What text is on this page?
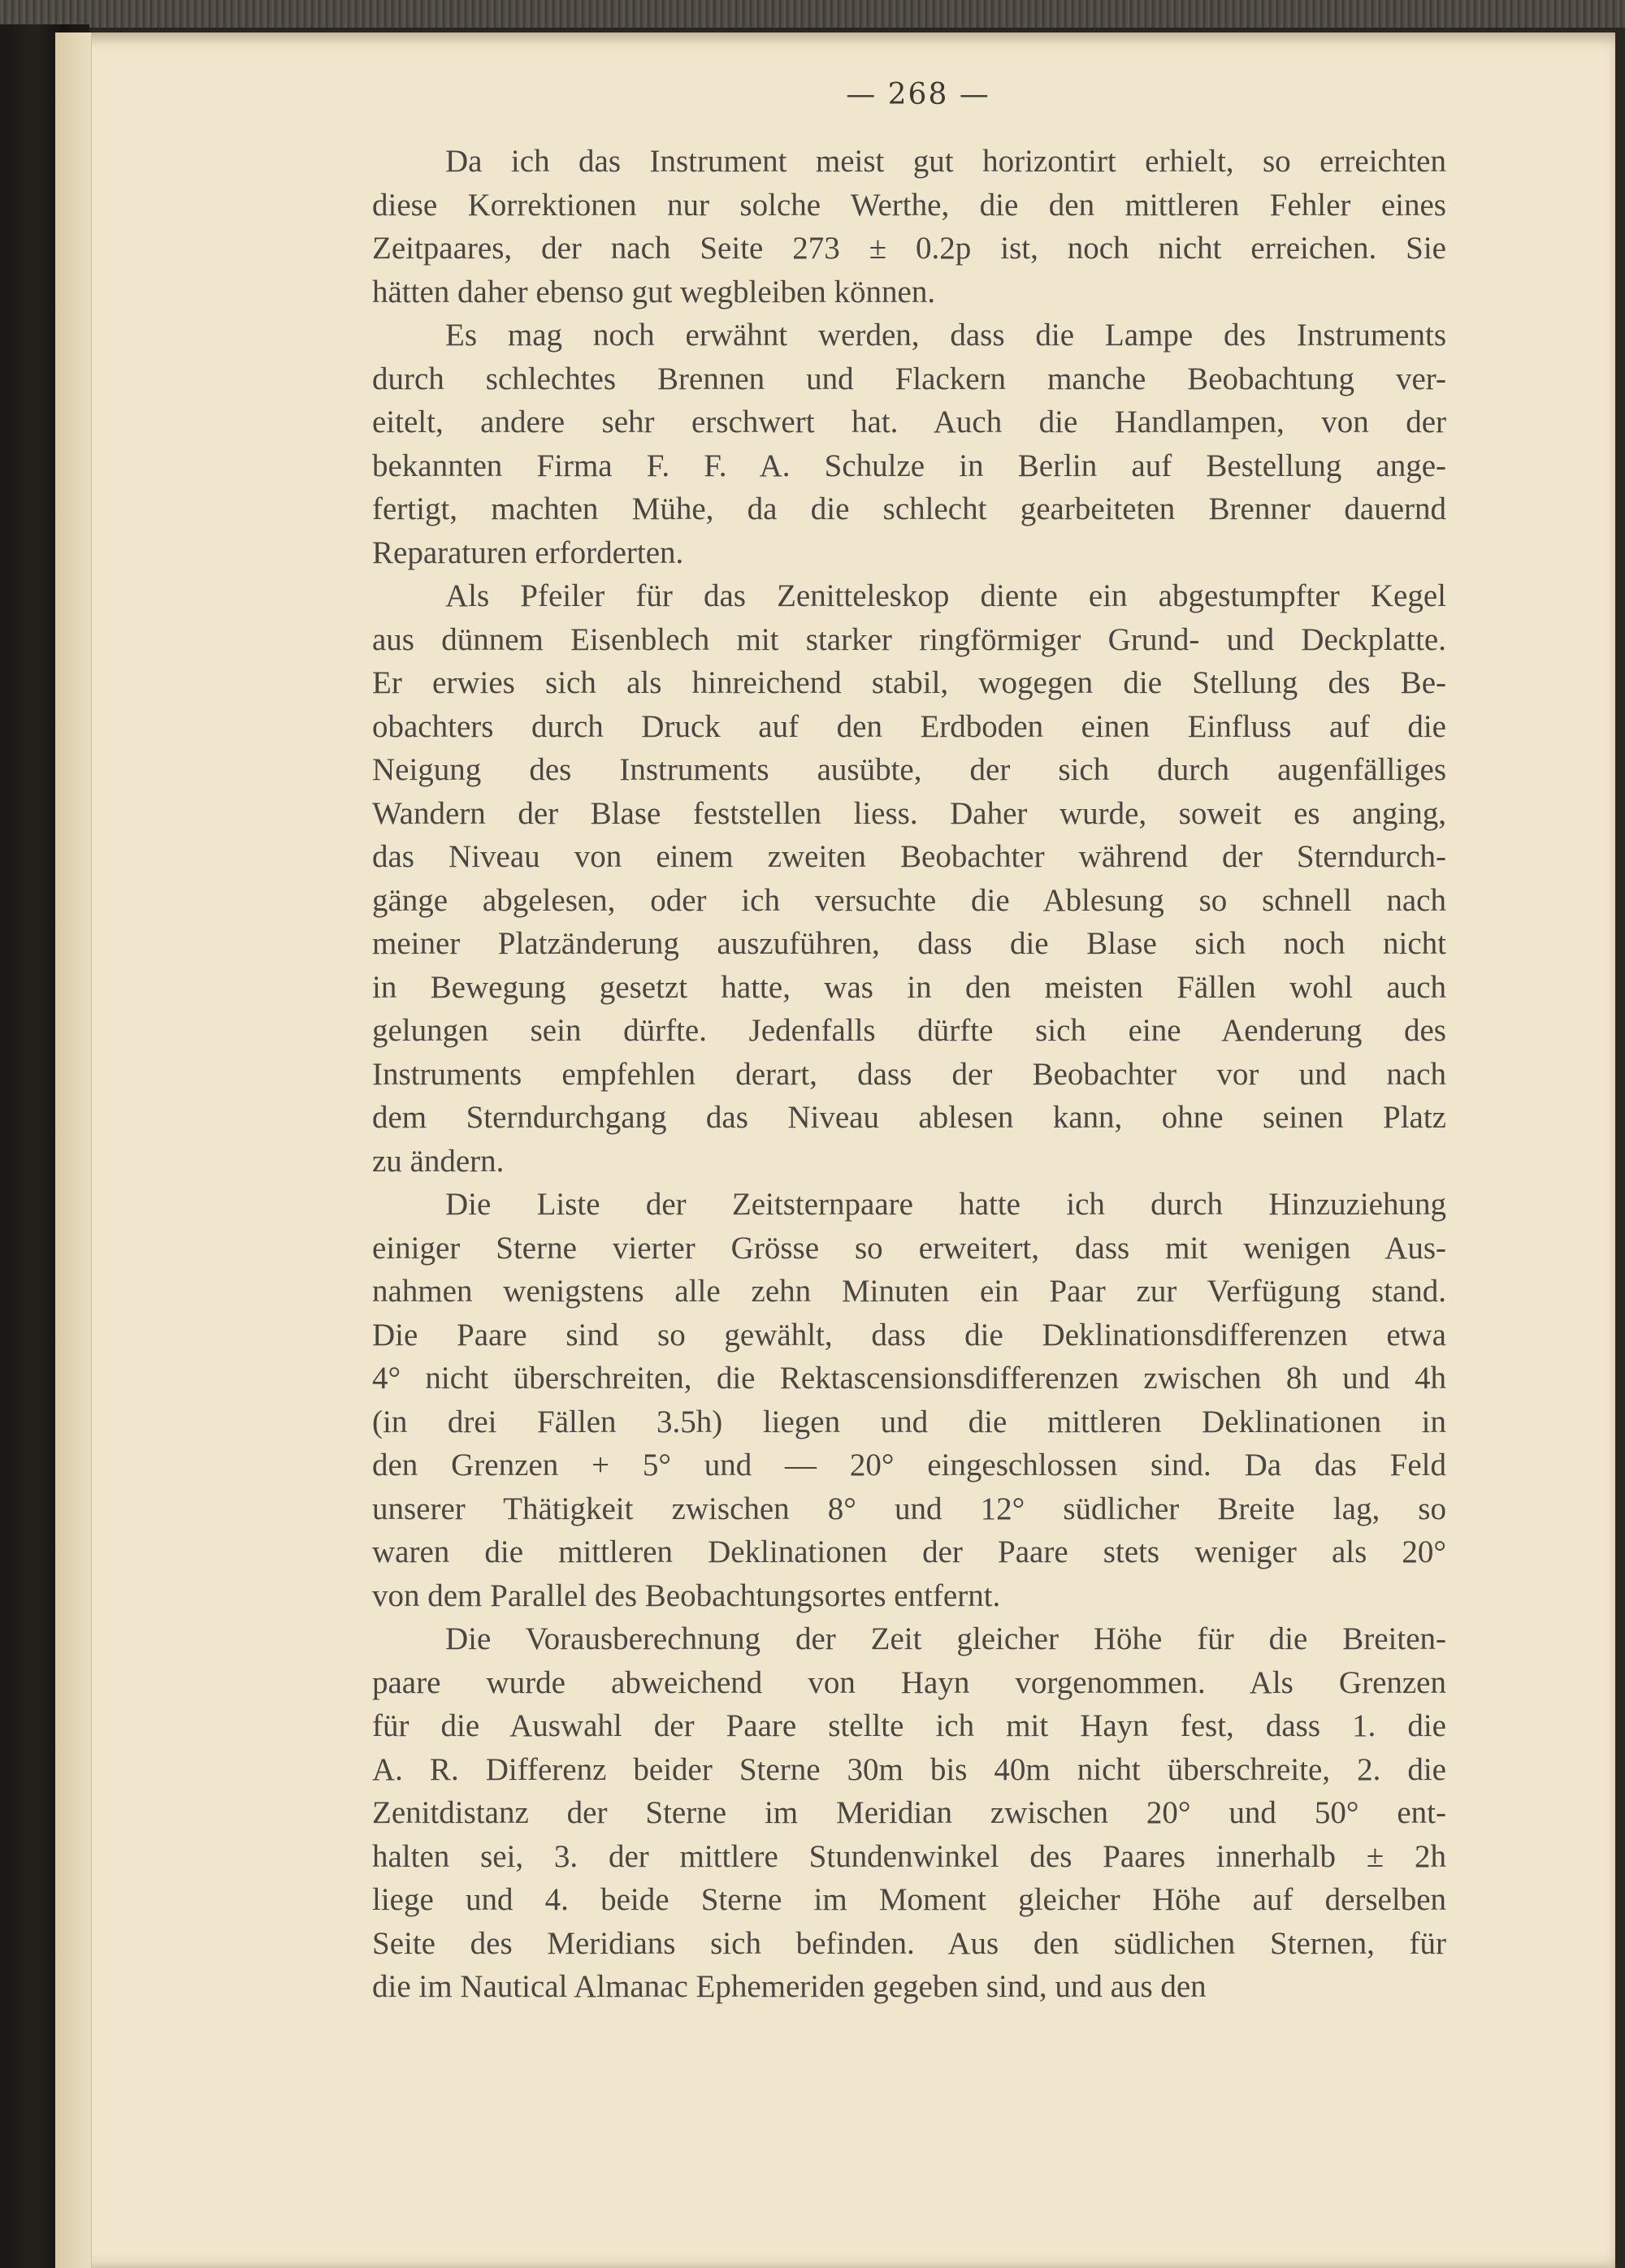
— 268 —

Da ich das Instrument meist gut horizontirt erhielt, so erreichten
diese Korrektionen nur solche Werthe, die den mittleren Fehler eines
Zeitpaares, der nach Seite 273 ± 0.2p ist, noch nicht erreichen. Sie
hätten daher ebenso gut wegbleiben können.

Es mag noch erwähnt werden, dass die Lampe des Instruments
durch schlechtes Brennen und Flackern manche Beobachtung ver-
eitelt, andere sehr erschwert hat. Auch die Handlampen, von der
bekannten Firma F. F. A. Schulze in Berlin auf Bestellung ange-
fertigt, machten Mühe, da die schlecht gearbeiteten Brenner dauernd
Reparaturen erforderten.

Als Pfeiler für das Zenitteleskop diente ein abgestumpfter Kegel
aus dünnem Eisenblech mit starker ringförmiger Grund- und Deckplatte.
Er erwies sich als hinreichend stabil, wogegen die Stellung des Be-
obachters durch Druck auf den Erdboden einen Einfluss auf die
Neigung des Instruments ausübte, der sich durch augenfälliges
Wandern der Blase feststellen liess. Daher wurde, soweit es anging,
das Niveau von einem zweiten Beobachter während der Sterndurch-
gänge abgelesen, oder ich versuchte die Ablesung so schnell nach
meiner Platzänderung auszuführen, dass die Blase sich noch nicht
in Bewegung gesetzt hatte, was in den meisten Fällen wohl auch
gelungen sein dürfte. Jedenfalls dürfte sich eine Aenderung des
Instruments empfehlen derart, dass der Beobachter vor und nach
dem Sterndurchgang das Niveau ablesen kann, ohne seinen Platz
zu ändern.

Die Liste der Zeitsternpaare hatte ich durch Hinzuziehung
einiger Sterne vierter Grösse so erweitert, dass mit wenigen Aus-
nahmen wenigstens alle zehn Minuten ein Paar zur Verfügung stand.
Die Paare sind so gewählt, dass die Deklinationsdifferenzen etwa
4° nicht überschreiten, die Rektascensionsdifferenzen zwischen 8h und 4h
(in drei Fällen 3.5h) liegen und die mittleren Deklinationen in
den Grenzen + 5° und — 20° eingeschlossen sind. Da das Feld
unserer Thätigkeit zwischen 8° und 12° südlicher Breite lag, so
waren die mittleren Deklinationen der Paare stets weniger als 20°
von dem Parallel des Beobachtungsortes entfernt.

Die Vorausberechnung der Zeit gleicher Höhe für die Breiten-
paare wurde abweichend von Hayn vorgenommen. Als Grenzen
für die Auswahl der Paare stellte ich mit Hayn fest, dass 1. die
A. R. Differenz beider Sterne 30m bis 40m nicht überschreite, 2. die
Zenitdistanz der Sterne im Meridian zwischen 20° und 50° ent-
halten sei, 3. der mittlere Stundenwinkel des Paares innerhalb ± 2h
liege und 4. beide Sterne im Moment gleicher Höhe auf derselben
Seite des Meridians sich befinden. Aus den südlichen Sternen, für
die im Nautical Almanac Ephemeriden gegeben sind, und aus den
